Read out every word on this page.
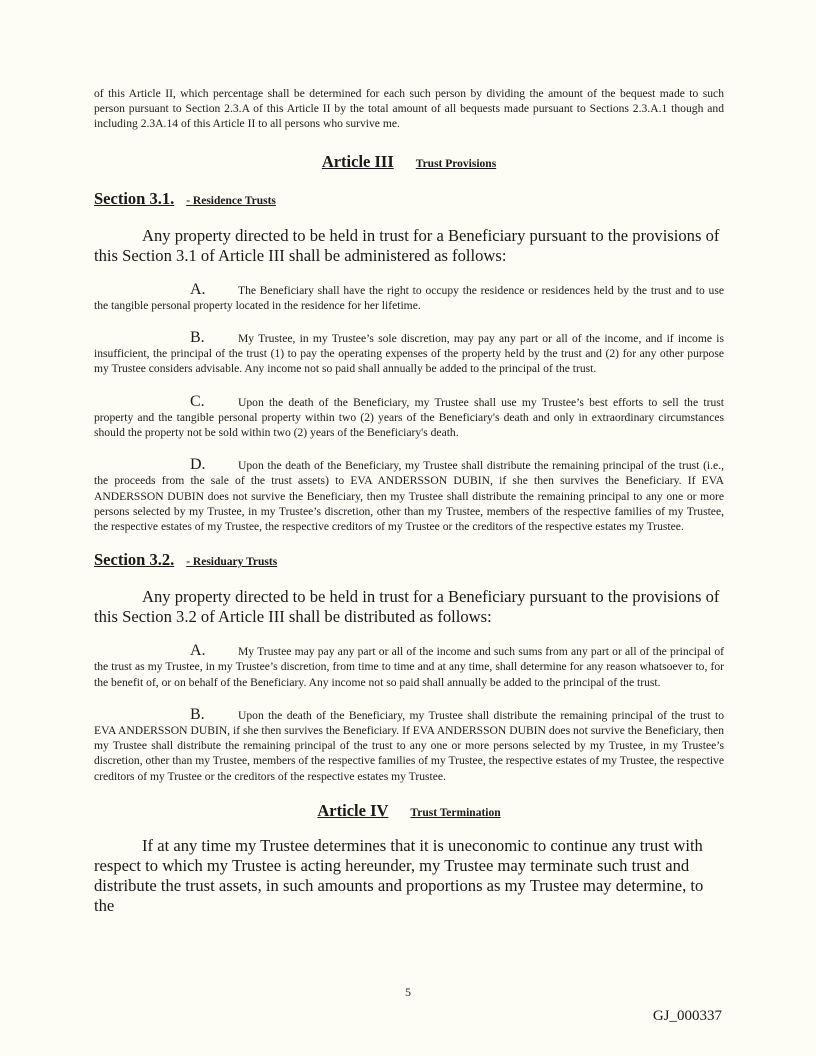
of this Article II, which percentage shall be determined for each such person by dividing the amount of the bequest made to such person pursuant to Section 2.3.A of this Article II by the total amount of all bequests made pursuant to Sections 2.3.A.1 though and including 2.3A.14 of this Article II to all persons who survive me.

Article III Trust Provisions

Section 3.1. - Residence Trusts

Any property directed to be held in trust for a Beneficiary pursuant to the provisions of this Section 3.1 of Article III shall be administered as follows:

A.	The Beneficiary shall have the right to occupy the residence or residences held by the trust and to use the tangible personal property located in the residence for her lifetime.

B.	My Trustee, in my Trustee’s sole discretion, may pay any part or all of the income, and if income is insufficient, the principal of the trust (1) to pay the operating expenses of the property held by the trust and (2) for any other purpose my Trustee considers advisable. Any income not so paid shall annually be added to the principal of the trust.

C.	Upon the death of the Beneficiary, my Trustee shall use my Trustee’s best efforts to sell the trust property and the tangible personal property within two (2) years of the Beneficiary's death and only in extraordinary circumstances should the property not be sold within two (2) years of the Beneficiary's death.

D.	Upon the death of the Beneficiary, my Trustee shall distribute the remaining principal of the trust (i.e., the proceeds from the sale of the trust assets) to EVA ANDERSSON DUBIN, if she then survives the Beneficiary. If EVA ANDERSSON DUBIN does not survive the Beneficiary, then my Trustee shall distribute the remaining principal to any one or more persons selected by my Trustee, in my Trustee’s discretion, other than my Trustee, members of the respective families of my Trustee, the respective estates of my Trustee, the respective creditors of my Trustee or the creditors of the respective estates my Trustee.

Section 3.2. - Residuary Trusts

Any property directed to be held in trust for a Beneficiary pursuant to the provisions of this Section 3.2 of Article III shall be distributed as follows:

A.	My Trustee may pay any part or all of the income and such sums from any part or all of the principal of the trust as my Trustee, in my Trustee’s discretion, from time to time and at any time, shall determine for any reason whatsoever to, for the benefit of, or on behalf of the Beneficiary. Any income not so paid shall annually be added to the principal of the trust.

B.	Upon the death of the Beneficiary, my Trustee shall distribute the remaining principal of the trust to EVA ANDERSSON DUBIN, if she then survives the Beneficiary. If EVA ANDERSSON DUBIN does not survive the Beneficiary, then my Trustee shall distribute the remaining principal of the trust to any one or more persons selected by my Trustee, in my Trustee’s discretion, other than my Trustee, members of the respective families of my Trustee, the respective estates of my Trustee, the respective creditors of my Trustee or the creditors of the respective estates my Trustee.

Article IV Trust Termination

If at any time my Trustee determines that it is uneconomic to continue any trust with respect to which my Trustee is acting hereunder, my Trustee may terminate such trust and distribute the trust assets, in such amounts and proportions as my Trustee may determine, to the

5
GJ_000337
